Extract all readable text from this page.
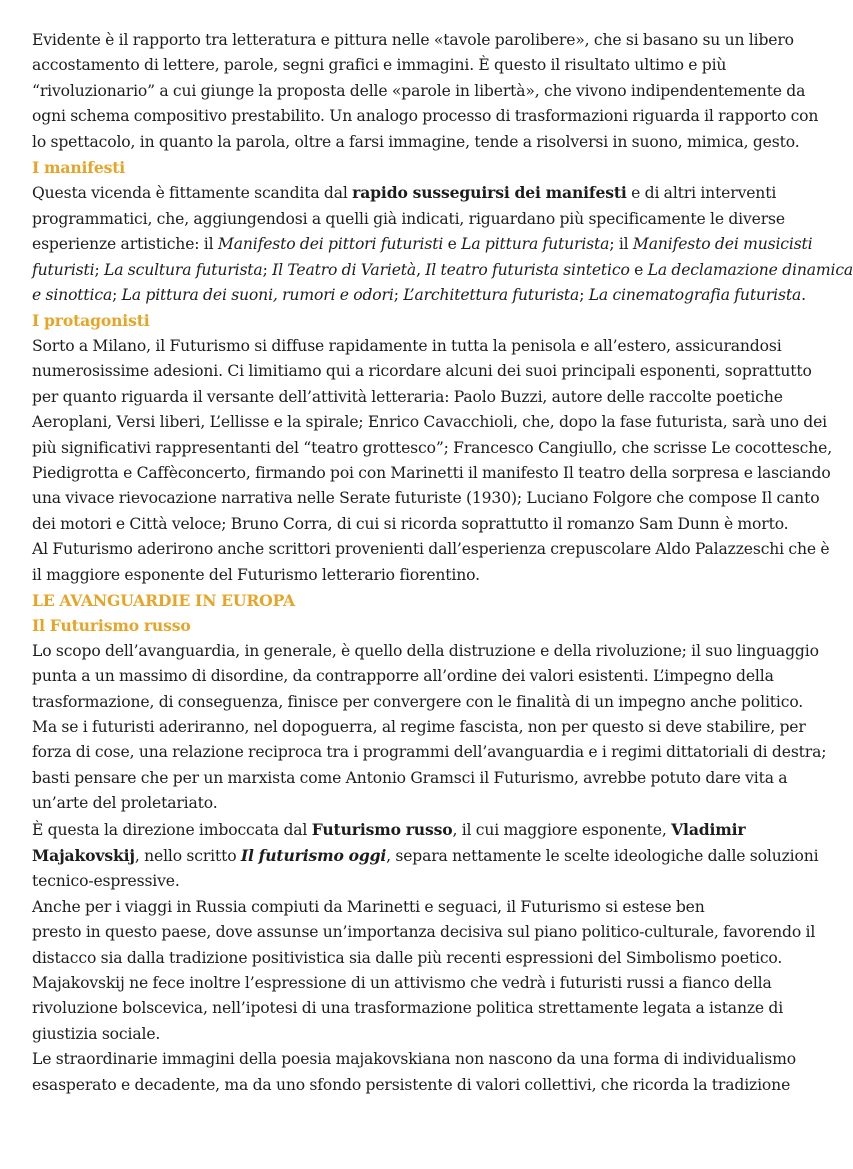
Evidente è il rapporto tra letteratura e pittura nelle «tavole parolibere», che si basano su un libero
accostamento di lettere, parole, segni grafici e immagini. È questo il risultato ultimo e più
“rivoluzionario” a cui giunge la proposta delle «parole in libertà», che vivono indipendentemente da
ogni schema compositivo prestabilito. Un analogo processo di trasformazioni riguarda il rapporto con
lo spettacolo, in quanto la parola, oltre a farsi immagine, tende a risolversi in suono, mimica, gesto.
I manifesti
Questa vicenda è fittamente scandita dal rapido susseguirsi dei manifesti e di altri interventi
programmatici, che, aggiungendosi a quelli già indicati, riguardano più specificamente le diverse
esperienze artistiche: il Manifesto dei pittori futuristi e La pittura futurista; il Manifesto dei musicisti
futuristi; La scultura futurista; Il Teatro di Varietà, Il teatro futurista sintetico e La declamazione dinamica
e sinottica; La pittura dei suoni, rumori e odori; L’architettura futurista; La cinematografia futurista.
I protagonisti
Sorto a Milano, il Futurismo si diffuse rapidamente in tutta la penisola e all’estero, assicurandosi
numerosissime adesioni. Ci limitiamo qui a ricordare alcuni dei suoi principali esponenti, soprattutto
per quanto riguarda il versante dell’attività letteraria: Paolo Buzzi, autore delle raccolte poetiche
Aeroplani, Versi liberi, L’ellisse e la spirale; Enrico Cavacchioli, che, dopo la fase futurista, sarà uno dei
più significativi rappresentanti del “teatro grottesco”; Francesco Cangiullo, che scrisse Le cocottesche,
Piedigrotta e Caffèconcerto, firmando poi con Marinetti il manifesto Il teatro della sorpresa e lasciando
una vivace rievocazione narrativa nelle Serate futuriste (1930); Luciano Folgore che compose Il canto
dei motori e Città veloce; Bruno Corra, di cui si ricorda soprattutto il romanzo Sam Dunn è morto.
Al Futurismo aderirono anche scrittori provenienti dall’esperienza crepuscolare Aldo Palazzeschi che è
il maggiore esponente del Futurismo letterario fiorentino.
LE AVANGUARDIE IN EUROPA
Il Futurismo russo
Lo scopo dell’avanguardia, in generale, è quello della distruzione e della rivoluzione; il suo linguaggio
punta a un massimo di disordine, da contrapporre all’ordine dei valori esistenti. L’impegno della
trasformazione, di conseguenza, finisce per convergere con le finalità di un impegno anche politico.
Ma se i futuristi aderiranno, nel dopoguerra, al regime fascista, non per questo si deve stabilire, per
forza di cose, una relazione reciproca tra i programmi dell’avanguardia e i regimi dittatoriali di destra;
basti pensare che per un marxista come Antonio Gramsci il Futurismo, avrebbe potuto dare vita a
un’arte del proletariato.
È questa la direzione imboccata dal Futurismo russo, il cui maggiore esponente, Vladimir
Majakovskij, nello scritto Il futurismo oggi, separa nettamente le scelte ideologiche dalle soluzioni
tecnico-espressive.
Anche per i viaggi in Russia compiuti da Marinetti e seguaci, il Futurismo si estese ben
presto in questo paese, dove assunse un’importanza decisiva sul piano politico-culturale, favorendo il
distacco sia dalla tradizione positivistica sia dalle più recenti espressioni del Simbolismo poetico.
Majakovskij ne fece inoltre l’espressione di un attivismo che vedrà i futuristi russi a fianco della
rivoluzione bolscevica, nell’ipotesi di una trasformazione politica strettamente legata a istanze di
giustizia sociale.
Le straordinarie immagini della poesia majakovskiana non nascono da una forma di individualismo
esasperato e decadente, ma da uno sfondo persistente di valori collettivi, che ricorda la tradizione
